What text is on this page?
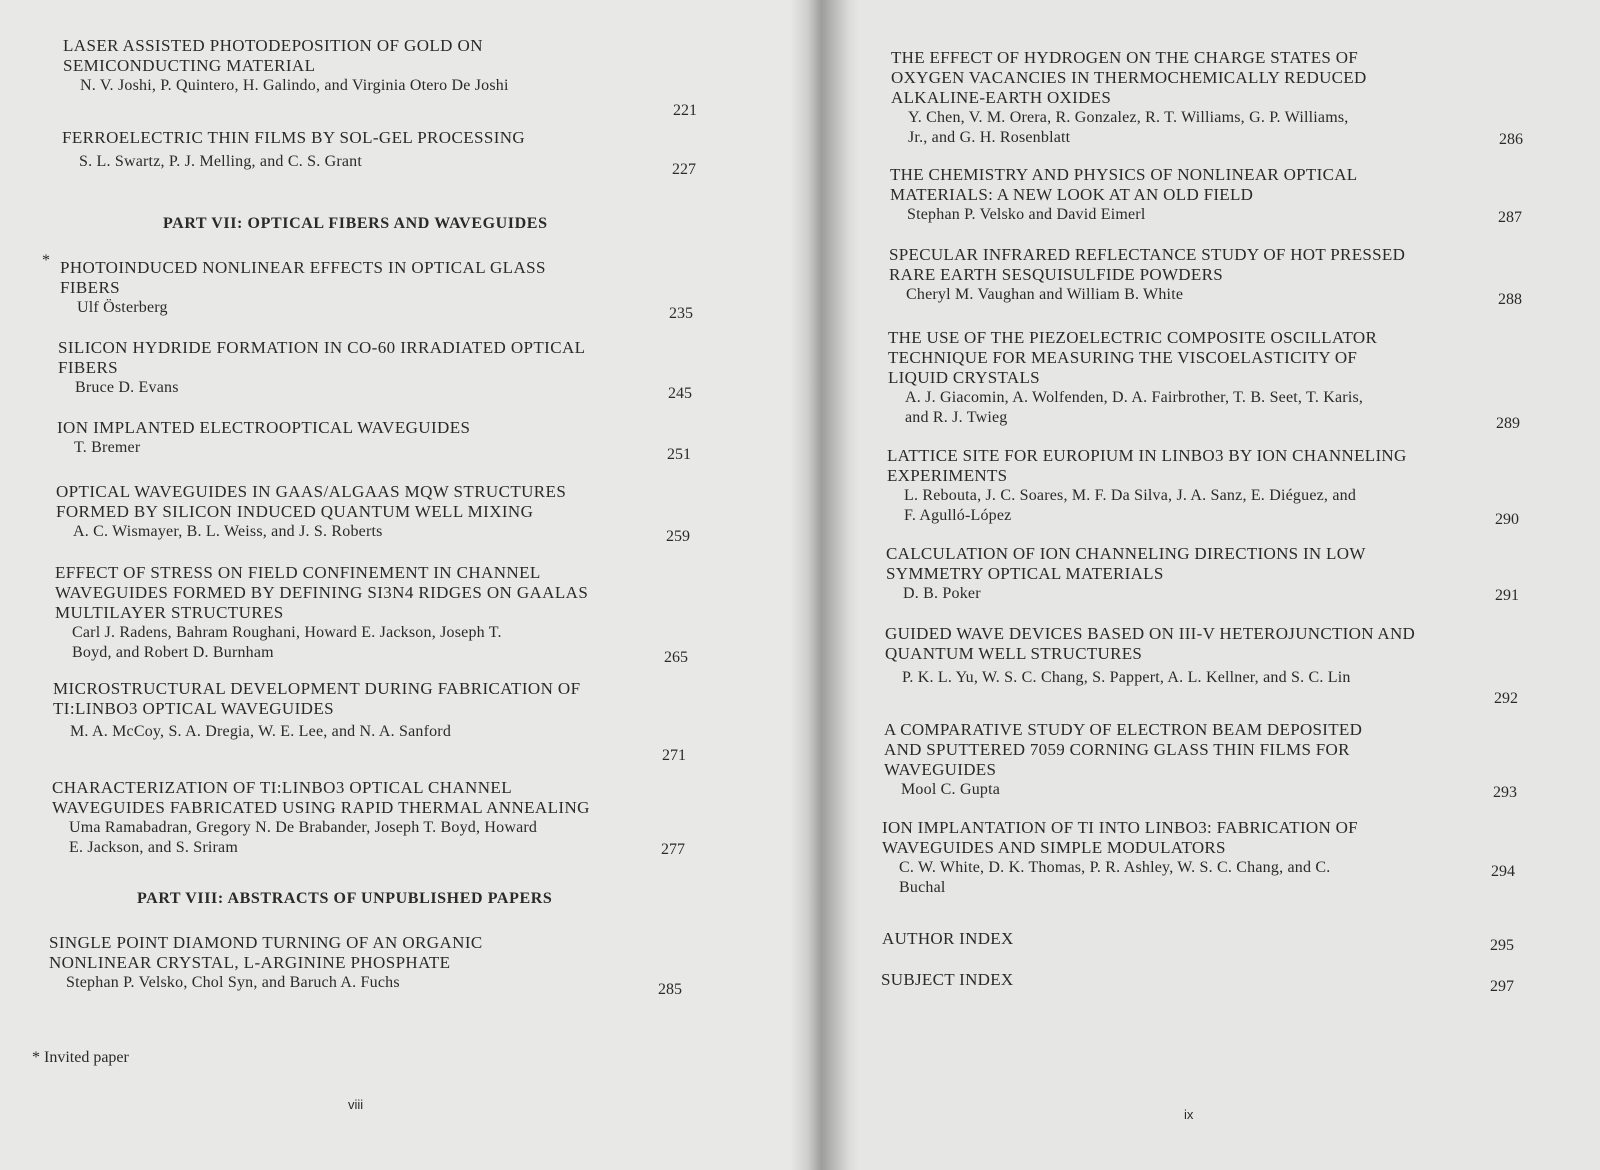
LASER ASSISTED PHOTODEPOSITION OF GOLD ON
SEMICONDUCTING MATERIAL
N. V. Joshi, P. Quintero, H. Galindo, and Virginia Otero De Joshi
221
FERROELECTRIC THIN FILMS BY SOL-GEL PROCESSING
S. L. Swartz, P. J. Melling, and C. S. Grant	227
PART VII: OPTICAL FIBERS AND WAVEGUIDES
* PHOTOINDUCED NONLINEAR EFFECTS IN OPTICAL GLASS
FIBERS
Ulf Österberg	235
SILICON HYDRIDE FORMATION IN CO-60 IRRADIATED OPTICAL
FIBERS
Bruce D. Evans	245
ION IMPLANTED ELECTROOPTICAL WAVEGUIDES
T. Bremer	251
OPTICAL WAVEGUIDES IN GAAS/ALGAAS MQW STRUCTURES
FORMED BY SILICON INDUCED QUANTUM WELL MIXING
A. C. Wismayer, B. L. Weiss, and J. S. Roberts	259
EFFECT OF STRESS ON FIELD CONFINEMENT IN CHANNEL
WAVEGUIDES FORMED BY DEFINING SI3N4 RIDGES ON GAALAS
MULTILAYER STRUCTURES
Carl J. Radens, Bahram Roughani, Howard E. Jackson, Joseph T.
Boyd, and Robert D. Burnham	265
MICROSTRUCTURAL DEVELOPMENT DURING FABRICATION OF
TI:LINBO3 OPTICAL WAVEGUIDES
M. A. McCoy, S. A. Dregia, W. E. Lee, and N. A. Sanford
271
CHARACTERIZATION OF TI:LINBO3 OPTICAL CHANNEL
WAVEGUIDES FABRICATED USING RAPID THERMAL ANNEALING
Uma Ramabadran, Gregory N. De Brabander, Joseph T. Boyd, Howard
E. Jackson, and S. Sriram	277
PART VIII: ABSTRACTS OF UNPUBLISHED PAPERS
SINGLE POINT DIAMOND TURNING OF AN ORGANIC
NONLINEAR CRYSTAL, L-ARGININE PHOSPHATE
Stephan P. Velsko, Chol Syn, and Baruch A. Fuchs	285
* Invited paper
viii
THE EFFECT OF HYDROGEN ON THE CHARGE STATES OF
OXYGEN VACANCIES IN THERMOCHEMICALLY REDUCED
ALKALINE-EARTH OXIDES
Y. Chen, V. M. Orera, R. Gonzalez, R. T. Williams, G. P. Williams,
Jr., and G. H. Rosenblatt	286
THE CHEMISTRY AND PHYSICS OF NONLINEAR OPTICAL
MATERIALS: A NEW LOOK AT AN OLD FIELD
Stephan P. Velsko and David Eimerl	287
SPECULAR INFRARED REFLECTANCE STUDY OF HOT PRESSED
RARE EARTH SESQUISULFIDE POWDERS
Cheryl M. Vaughan and William B. White	288
THE USE OF THE PIEZOELECTRIC COMPOSITE OSCILLATOR
TECHNIQUE FOR MEASURING THE VISCOELASTICITY OF
LIQUID CRYSTALS
A. J. Giacomin, A. Wolfenden, D. A. Fairbrother, T. B. Seet, T. Karis,
and R. J. Twieg	289
LATTICE SITE FOR EUROPIUM IN LINBO3 BY ION CHANNELING
EXPERIMENTS
L. Rebouta, J. C. Soares, M. F. Da Silva, J. A. Sanz, E. Diéguez, and
F. Agulló-López	290
CALCULATION OF ION CHANNELING DIRECTIONS IN LOW
SYMMETRY OPTICAL MATERIALS
D. B. Poker	291
GUIDED WAVE DEVICES BASED ON III-V HETEROJUNCTION AND
QUANTUM WELL STRUCTURES
P. K. L. Yu, W. S. C. Chang, S. Pappert, A. L. Kellner, and S. C. Lin
292
A COMPARATIVE STUDY OF ELECTRON BEAM DEPOSITED
AND SPUTTERED 7059 CORNING GLASS THIN FILMS FOR
WAVEGUIDES
Mool C. Gupta	293
ION IMPLANTATION OF TI INTO LINBO3: FABRICATION OF
WAVEGUIDES AND SIMPLE MODULATORS
C. W. White, D. K. Thomas, P. R. Ashley, W. S. C. Chang, and C.
Buchal
294
AUTHOR INDEX	295
SUBJECT INDEX	297
ix
